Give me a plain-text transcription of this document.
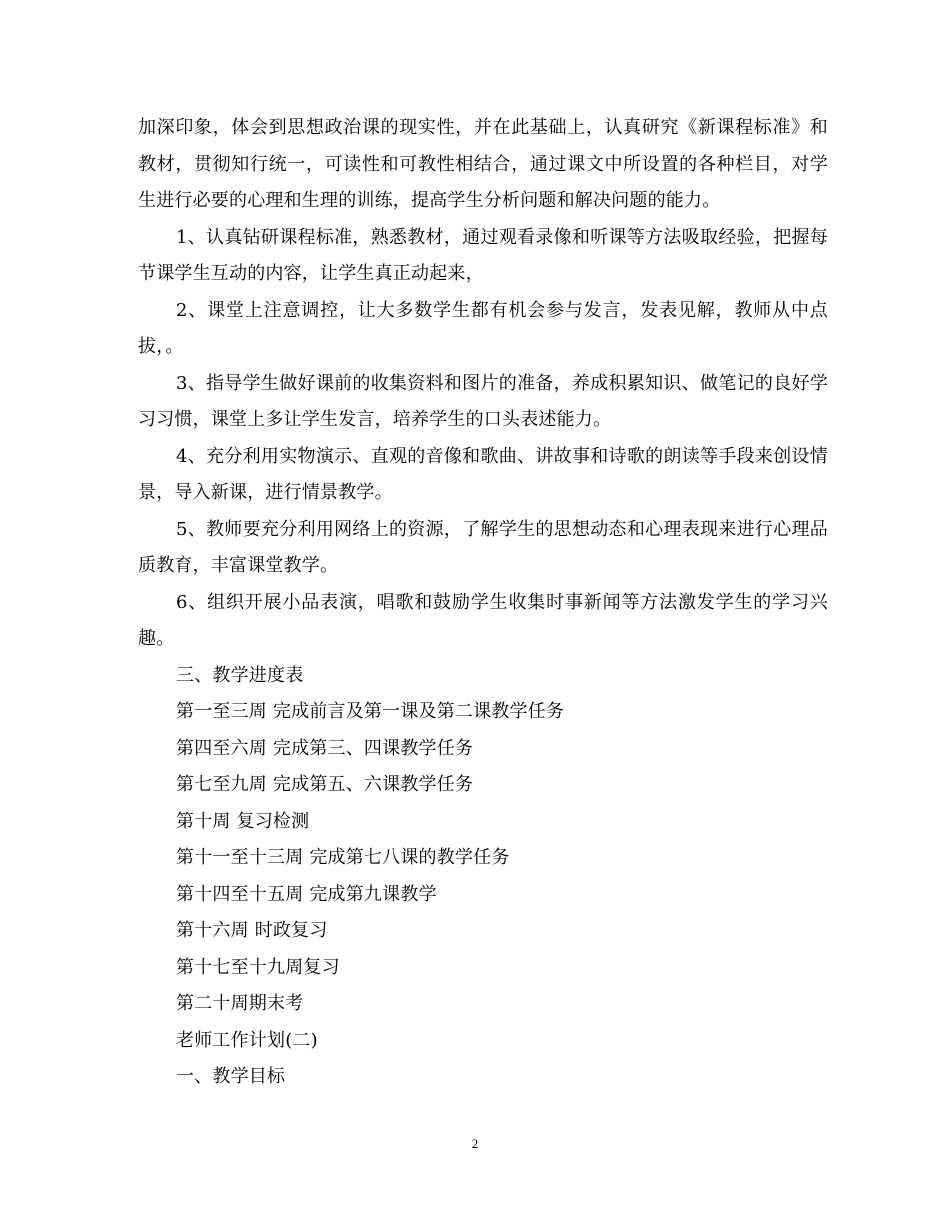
加深印象，体会到思想政治课的现实性，并在此基础上，认真研究《新课程标准》和教材，贯彻知行统一，可读性和可教性相结合，通过课文中所设置的各种栏目，对学生进行必要的心理和生理的训练，提高学生分析问题和解决问题的能力。

1、认真钻研课程标准，熟悉教材，通过观看录像和听课等方法吸取经验，把握每节课学生互动的内容，让学生真正动起来，

2、课堂上注意调控，让大多数学生都有机会参与发言，发表见解，教师从中点拔，。

3、指导学生做好课前的收集资料和图片的准备，养成积累知识、做笔记的良好学习习惯，课堂上多让学生发言，培养学生的口头表述能力。

4、充分利用实物演示、直观的音像和歌曲、讲故事和诗歌的朗读等手段来创设情景，导入新课，进行情景教学。

5、教师要充分利用网络上的资源，了解学生的思想动态和心理表现来进行心理品质教育，丰富课堂教学。

6、组织开展小品表演，唱歌和鼓励学生收集时事新闻等方法激发学生的学习兴趣。

三、教学进度表

第一至三周 完成前言及第一课及第二课教学任务

第四至六周 完成第三、四课教学任务

第七至九周 完成第五、六课教学任务

第十周 复习检测

第十一至十三周 完成第七八课的教学任务

第十四至十五周 完成第九课教学

第十六周 时政复习

第十七至十九周复习

第二十周期末考

老师工作计划(二)

一、教学目标

2
